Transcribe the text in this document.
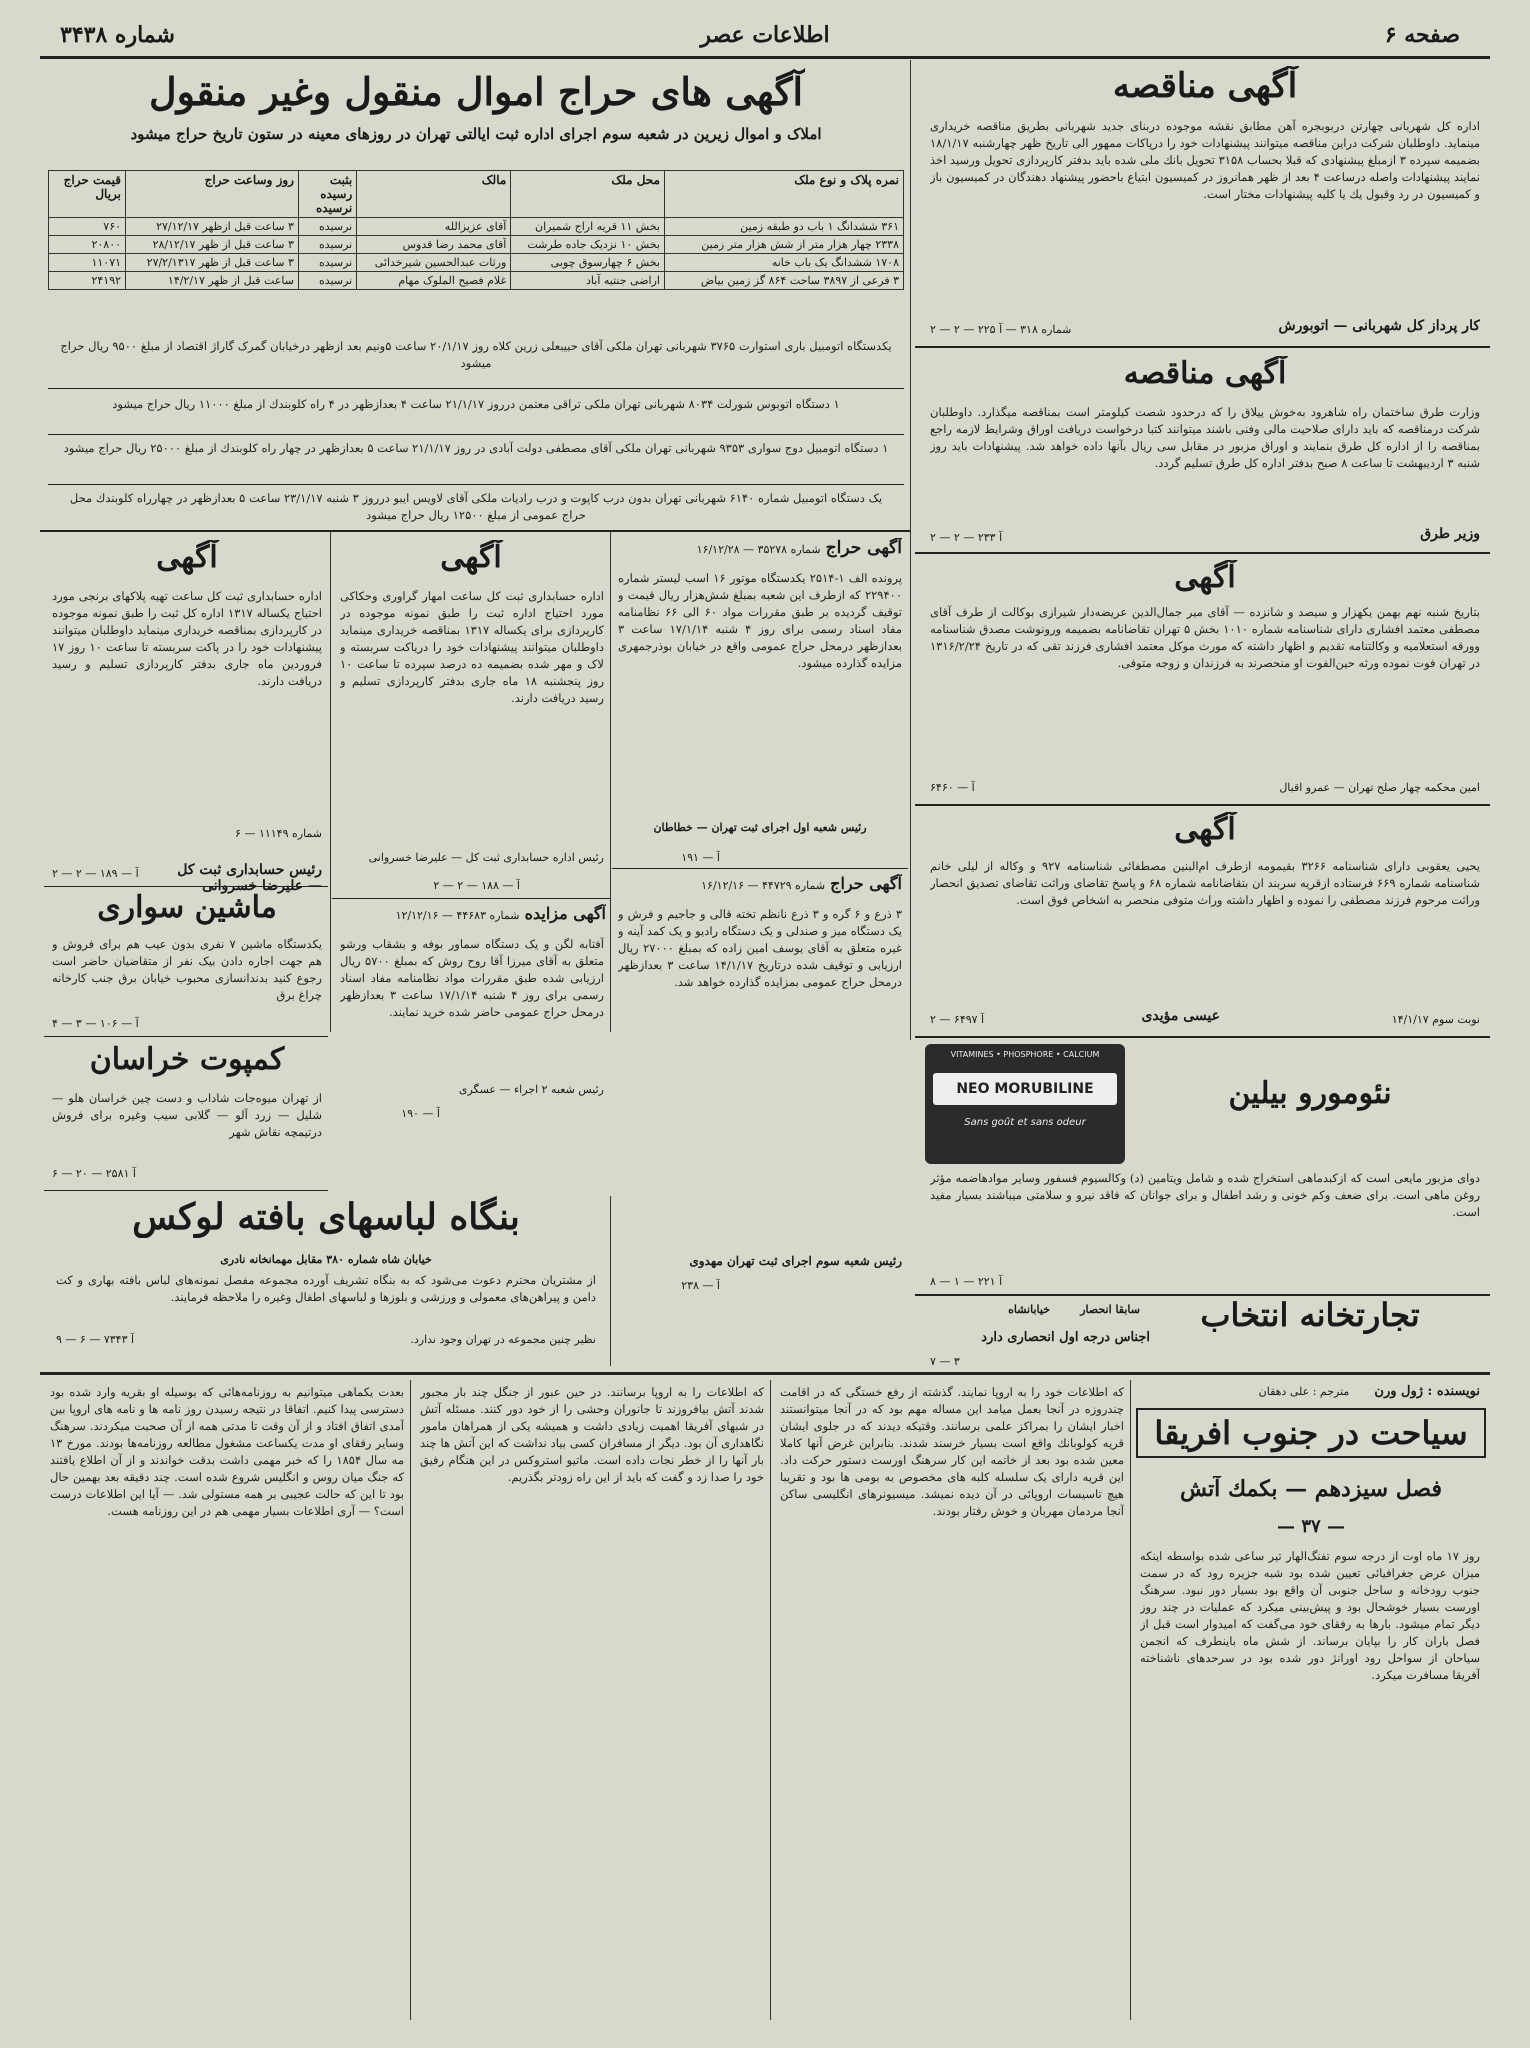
صفحه ۶
اطلاعات عصر
شماره ۳۴۳۸
آگهی های حراج اموال منقول وغیر منقول
املاک و اموال زیرین در شعبه سوم اجرای اداره ثبت ایالتی تهران در روزهای معینه در ستون تاریخ حراج میشود
نمره پلاک و نوع ملک	محل ملک	مالک	بثبت رسیده نرسیده	روز وساعت حراج	قیمت حراج بریال
۳۶۱ ششدانگ ۱ باب دو طبقه زمین	بخش ۱۱ قریه اراج شمیران	آقای عزیزالله	نرسیده	۳ ساعت قبل ازظهر ۲۷/۱۲/۱۷	۷۶۰
۲۳۳۸ چهار هزار متر از شش هزار متر زمین	بخش ۱۰ نزدیک جاده طرشت	آقای محمد رضا قدوس	نرسیده	۳ ساعت قبل از ظهر ۲۸/۱۲/۱۷	۲۰۸۰۰
۱۷۰۸ ششدانگ یک باب خانه	بخش ۶ چهارسوق چوبی	ورثات عبدالحسین شیرخدائی	نرسیده	۳ ساعت قبل از ظهر ۲۷/۲/۱۳۱۷	۱۱۰۷۱
۳ فرعی از ۳۸۹۷ ساحت ۸۶۴ گز زمین بیاض	اراضی جنتیه آباد	غلام فصیح الملوک مهام	نرسیده	ساعت قبل از ظهر ۱۴/۲/۱۷	۲۴۱۹۲
یکدستگاه اتومبیل باری استوارت ۳۷۶۵ شهربانی تهران ملکی آقای حبیبعلی زرین کلاه روز ۲۰/۱/۱۷ ساعت ۵ونیم بعد ازظهر درخیابان گمرک گاراژ اقتصاد از مبلغ ۹۵۰۰ ریال حراج میشود
۱ دستگاه اتوبوس شورلت ۸۰۳۴ شهربانی تهران ملکی تراقی معتمن درروز ۲۱/۱/۱۷ ساعت ۴ بعدازظهر در ۴ راه کلوبندك از مبلغ ۱۱۰۰۰ ریال حراج میشود
۱ دستگاه اتومبیل دوج سواری ۹۳۵۳ شهربانی تهران ملکی آقای مصطفی دولت آبادی در روز ۲۱/۱/۱۷ ساعت ۵ بعدازظهر در چهار راه کلوبندك از مبلغ ۲۵۰۰۰ ریال حراج میشود
یک دستگاه اتومبیل شماره ۶۱۴۰ شهربانی تهران بدون درب کاپوت و درب رادیات ملکی آقای لاویس ایبو درروز ۳ شنبه ۲۳/۱/۱۷ ساعت ۵ بعدازظهر در چهارراه کلوبندك محل حراج عمومی از مبلغ ۱۲۵۰۰ ریال حراج میشود
آگهی مناقصه
اداره کل شهربانی چهارتن دربوبجره آهن مطابق نقشه موجوده دربنای جدید شهربانی بطریق مناقصه خریداری مینماید. داوطلبان شرکت دراین مناقصه میتوانند پیشنهادات خود را درپاکات ممهور الی تاریخ ظهر چهارشنبه ۱۸/۱/۱۷ بضمیمه سپرده ۳ ازمبلغ پیشنهادی که قبلا بحساب ۳۱۵۸ تحویل بانك ملی شده باید بدفتر کارپردازی تحویل ورسید اخذ نمایند پیشنهادات واصله درساعت ۴ بعد از ظهر همانروز در کمیسیون ابتیاع باحضور پیشنهاد دهندگان در کمیسیون باز و کمیسیون در رد وقبول یك یا کلیه پیشنهادات مختار است.
شماره ۳۱۸ — آ ۲۲۵ — ۲ — ۲	کار پرداز کل شهربانی — اتوبورش
آگهی مناقصه
وزارت طرق ساختمان راه شاهرود به‌خوش ییلاق را که درحدود شصت کیلومتر است بمناقصه میگذارد. داوطلبان شرکت درمناقصه که باید دارای صلاحیت مالی وفنی باشند میتوانند کتبا درخواست دریافت اوراق وشرایط لازمه راجع بمناقصه را از اداره کل طرق بنمایند و اوراق مزبور در مقابل سی ریال بآنها داده خواهد شد. پیشنهادات باید روز شنبه ۳ اردیبهشت تا ساعت ۸ صبح بدفتر اداره کل طرق تسلیم گردد.
آ ۲۳۳ — ۲ — ۲	وزیر طرق
آگهی
بتاریخ شنبه نهم بهمن یکهزار و سیصد و شانزده — آقای میر جمال‌الدین عریضه‌دار شیرازی بوکالت از طرف آقای مصطفی معتمد افشاری دارای شناسنامه شماره ۱۰۱۰ بخش ۵ تهران تقاضانامه بضمیمه ورونوشت مصدق شناسنامه وورقه استعلامیه و وکالتنامه تقدیم و اظهار داشته که مورث موکل معتمد افشاری فرزند تقی که در تاریخ ۱۳۱۶/۲/۲۴ در تهران فوت نموده ورثه حین‌الفوت او منحصرند به فرزندان و زوجه متوفی.
آ — ۶۴۶۰	امین محکمه چهار صلح تهران — عمرو اقبال
آگهی
یحیی یعقوبی دارای شناسنامه ۳۲۶۶ بقیمومه ازطرف ام‌البنین مصطفائی شناسنامه ۹۲۷ و وکاله از لیلی خانم شناسنامه شماره ۶۶۹ فرستاده ازقریه سربند ان بتقاضانامه شماره ۶۸ و پاسخ تقاضای وراثت تقاضای تصدیق انحصار وراثت مرحوم فرزند مصطفی را نموده و اظهار داشته وراث متوفی منحصر به اشخاص فوق است.
آ ۶۴۹۷ — ۲	عیسی مؤیدی	نوبت سوم ۱۴/۱/۱۷
نئومورو بیلین
VITAMINES • PHOSPHORE • CALCIUM
NEO MORUBILINE
Sans goût et sans odeur
دوای مزبور مایعی است که ازکبدماهی استخراج شده و شامل ویتامین (د) وکالسیوم فسفور وسایر موادهاضمه مؤثر روغن ماهی است. برای ضعف وکم خونی و رشد اطفال و برای جوانان که فاقد نیرو و سلامتی میباشند بسیار مفید است.
آ ۲۲۱ — ۱ — ۸
تجارتخانه انتخاب
سابقا انحصار
خیابانشاه
اجناس درجه اول انحصاری دارد
۳ — ۷
آگهی حراج شماره ۳۵۲۷۸ — ۱۶/۱۲/۲۸
پرونده الف ۱-۲۵۱۴ یکدستگاه موتور ۱۶ اسب لیستر شماره ۲۲۹۴۰۰ که ازطرف این شعبه بمبلغ شش‌هزار ریال قیمت و توقیف گردیده بر طبق مقررات مواد ۶۰ الی ۶۶ نظامنامه مفاد اسناد رسمی برای روز ۴ شنبه ۱۷/۱/۱۴ ساعت ۳ بعدازظهر درمحل حراج عمومی واقع در خیابان بوذرجمهری مزایده گذارده میشود.
رئیس شعبه اول اجرای ثبت تهران — خطاطان
آ — ۱۹۱
آگهی
اداره حسابداری ثبت کل ساعت امهار گراوری وحکاکی مورد احتیاج اداره ثبت را طبق نمونه موجوده در کارپردازی برای یکساله ۱۳۱۷ بمناقصه خریداری مینماید داوطلبان میتوانند پیشنهادات خود را دریاکت سربسته و لاک و مهر شده بضمیمه ده درصد سپرده تا ساعت ۱۰ روز پنجشنبه ۱۸ ماه جاری بدفتر کارپردازی تسلیم و رسید دریافت دارند.
رئیس اداره حسابداری ثبت کل — علیرضا خسروانی
آ — ۱۸۸ — ۲ — ۲
آگهی
اداره حسابداری ثبت کل ساعت تهیه پلاکهای برنجی مورد احتیاج یکساله ۱۳۱۷ اداره کل ثبت را طبق نمونه موجوده در کارپردازی بمناقصه خریداری مینماید داوطلبان میتوانند پیشنهادات خود را در پاکت سربسته تا ساعت ۱۰ روز ۱۷ فروردین ماه جاری بدفتر کارپردازی تسلیم و رسید دریافت دارند.
شماره ۱۱۱۴۹ — ۶
آ — ۱۸۹ — ۲ — ۲	رئیس حسابداری ثبت کل — علیرضا خسروانی
ماشین سواری
یکدستگاه ماشین ۷ نفری بدون عیب هم برای فروش و هم جهت اجاره دادن بیک نفر از متقاضیان حاضر است رجوع کنید بدندانسازی محبوب خیابان برق جنب کارخانه چراغ برق
آ — ۱۰۶ — ۳ — ۴
کمپوت خراسان
از تهران میوه‌جات شاداب و دست چین خراسان هلو — شلیل — زرد آلو — گلابی سیب وغیره برای فروش درتیمچه نقاش شهر
آ ۲۵۸۱ — ۲۰ — ۶
آگهی مزایده شماره ۴۴۶۸۳ — ۱۲/۱۲/۱۶
آفتابه لگن و یک دستگاه سماور بوفه و بشقاب ورشو متعلق به آقای میرزا آقا روح روش که بمبلغ ۵۷۰۰ ریال ارزیابی شده طبق مقررات مواد نظامنامه مفاد اسناد رسمی برای روز ۴ شنبه ۱۷/۱/۱۴ ساعت ۳ بعدازظهر درمحل حراج عمومی حاضر شده خرید نمایند.
رئیس شعبه ۲ اجراء — عسگری
آ — ۱۹۰
آگهی حراج شماره ۴۴۷۲۹ — ۱۶/۱۲/۱۶
۳ ذرع و ۶ گره و ۳ ذرع نانظم تخته قالی و جاجیم و فرش و یک دستگاه میز و صندلی و یک دستگاه رادیو و یک کمد آینه و غیره متعلق به آقای یوسف امین زاده که بمبلغ ۲۷۰۰۰ ریال ارزیابی و توقیف شده درتاریخ ۱۴/۱/۱۷ ساعت ۳ بعدازظهر درمحل حراج عمومی بمزایده گذارده خواهد شد.
رئیس شعبه سوم اجرای ثبت تهران مهدوی
آ — ۲۳۸
بنگاه لباسهای بافته لوکس
خیابان شاه شماره ۳۸۰ مقابل مهمانخانه نادری
از مشتریان محترم دعوت می‌شود که به بنگاه تشریف آورده مجموعه مفصل نمونه‌های لباس بافته بهاری و کت دامن و پیراهن‌های معمولی و ورزشی و بلوزها و لباسهای اطفال وغیره را ملاحظه فرمایند.
آ ۷۳۴۳ — ۶ — ۹	نظیر چنین مجموعه در تهران وجود ندارد.
نویسنده : ژول ورن مترجم : علی دهقان
سیاحت در جنوب افریقا
فصل سیزدهم — بکمك آتش
— ۳۷ —
روز ۱۷ ماه اوت از درجه سوم تفنگ‌الهار تیر ساعی شده بواسطه اینکه میزان عرض جغرافیائی تعیین شده بود شبه جزیره رود که در سمت جنوب رودخانه و ساحل جنوبی آن واقع بود بسیار دور نبود. سرهنگ اورست بسیار خوشحال بود و پیش‌بینی میکرد که عملیات در چند روز دیگر تمام میشود. بارها به رفقای خود می‌گفت که امیدوار است قبل از فصل باران کار را بپایان برساند. از شش ماه باینطرف که انجمن سیاحان از سواحل رود اورانژ دور شده بود در سرحدهای ناشناخته آفریقا مسافرت میکرد.
که اطلاعات خود را به اروپا نمایند. گذشته از رفع خستگی که در اقامت چندروزه در آنجا بعمل میامد این مساله مهم بود که در آنجا میتوانستند اخبار ایشان را بمراکز علمی برسانند. وقتیکه دیدند که در جلوی ایشان قریه کولوبانك واقع است بسیار خرسند شدند. بنابراین غرض آنها کاملا معین شده بود بعد از خاتمه این کار سرهنگ اورست دستور حرکت داد. این قریه دارای یک سلسله کلبه های مخصوص به بومی ها بود و تقریبا هیچ تاسیسات اروپائی در آن دیده نمیشد. میسیونرهای انگلیسی ساکن آنجا مردمان مهربان و خوش رفتار بودند.
که اطلاعات را به اروپا برسانند. در حین عبور از جنگل چند بار مجبور شدند آتش بیافروزند تا جانوران وحشی را از خود دور کنند. مسئله آتش در شبهای آفریقا اهمیت زیادی داشت و همیشه یکی از همراهان مامور نگاهداری آن بود. دیگر از مسافران کسی بیاد نداشت که این آتش ها چند بار آنها را از خطر نجات داده است. ماتیو استروکس در این هنگام رفیق خود را صدا زد و گفت که باید از این راه زودتر بگذریم.
بعدت یکماهی میتوانیم به روزنامه‌هائی که بوسیله او بقریه وارد شده بود دسترسی پیدا کنیم. اتفاقا در نتیجه رسیدن روز نامه ها و نامه های اروپا بین آمدی اتفاق افتاد و از آن وقت تا مدتی همه از آن صحبت میکردند. سرهنگ وسایر رفقای او مدت یکساعت مشغول مطالعه روزنامه‌ها بودند. مورخ ۱۳ مه سال ۱۸۵۴ را که خبر مهمی داشت بدقت خواندند و از آن اطلاع یافتند که جنگ میان روس و انگلیس شروع شده است. چند دقیقه بعد بهمین حال بود تا این که حالت عجیبی بر همه مستولی شد. — آیا این اطلاعات درست است؟ — آری اطلاعات بسیار مهمی هم در این روزنامه هست.
